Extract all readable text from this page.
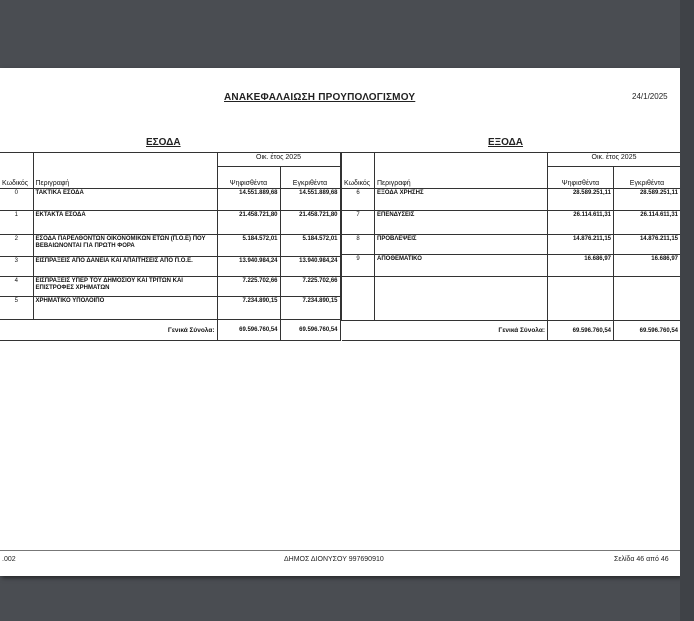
ΑΝΑΚΕΦΑΛΑΙΩΣΗ ΠΡΟΥΠΟΛΟΓΙΣΜΟΥ	24/1/2025
ΕΣΟΔΑ	ΕΞΟΔΑ
Κωδικός	Περιγραφή	Οικ. έτος 2025	
		Ψηφισθέντα	Εγκριθέντα
0	ΤΑΚΤΙΚΑ ΕΣΟΔΑ	14.551.889,68	14.551.889,68
1	ΕΚΤΑΚΤΑ ΕΣΟΔΑ	21.458.721,80	21.458.721,80
2	ΕΣΟΔΑ ΠΑΡΕΛΘΟΝΤΩΝ ΟΙΚΟΝΟΜΙΚΩΝ ΕΤΩΝ (Π.Ο.Ε) ΠΟΥ ΒΕΒΑΙΩΝΟΝΤΑΙ ΓΙΑ ΠΡΩΤΗ ΦΟΡΑ	5.184.572,01	5.184.572,01
3	ΕΙΣΠΡΑΞΕΙΣ ΑΠΟ ΔΑΝΕΙΑ ΚΑΙ ΑΠΑΙΤΗΣΕΙΣ ΑΠΟ Π.Ο.Ε.	13.940.984,24	13.940.984,24
4	ΕΙΣΠΡΑΞΕΙΣ ΥΠΕΡ ΤΟΥ ΔΗΜΟΣΙΟΥ ΚΑΙ ΤΡΙΤΩΝ ΚΑΙ ΕΠΙΣΤΡΟΦΕΣ ΧΡΗΜΑΤΩΝ	7.225.702,66	7.225.702,66
5	ΧΡΗΜΑΤΙΚΟ ΥΠΟΛΟΙΠΟ	7.234.890,15	7.234.890,15
Γενικά Σύνολα:		69.596.760,54	69.596.760,54
Κωδικός	Περιγραφή	Οικ. έτος 2025	
		Ψηφισθέντα	Εγκριθέντα
6	ΕΞΟΔΑ ΧΡΗΣΗΣ	28.589.251,11	28.589.251,11
7	ΕΠΕΝΔΥΣΕΙΣ	26.114.611,31	26.114.611,31
8	ΠΡΟΒΛΕΨΕΙΣ	14.876.211,15	14.876.211,15
9	ΑΠΟΘΕΜΑΤΙΚΟ	16.686,97	16.686,97

Γενικά Σύνολα:		69.596.760,54	69.596.760,54
.002	ΔΗΜΟΣ ΔΙΟΝΥΣΟΥ 997690910	Σελίδα 46 από 46
